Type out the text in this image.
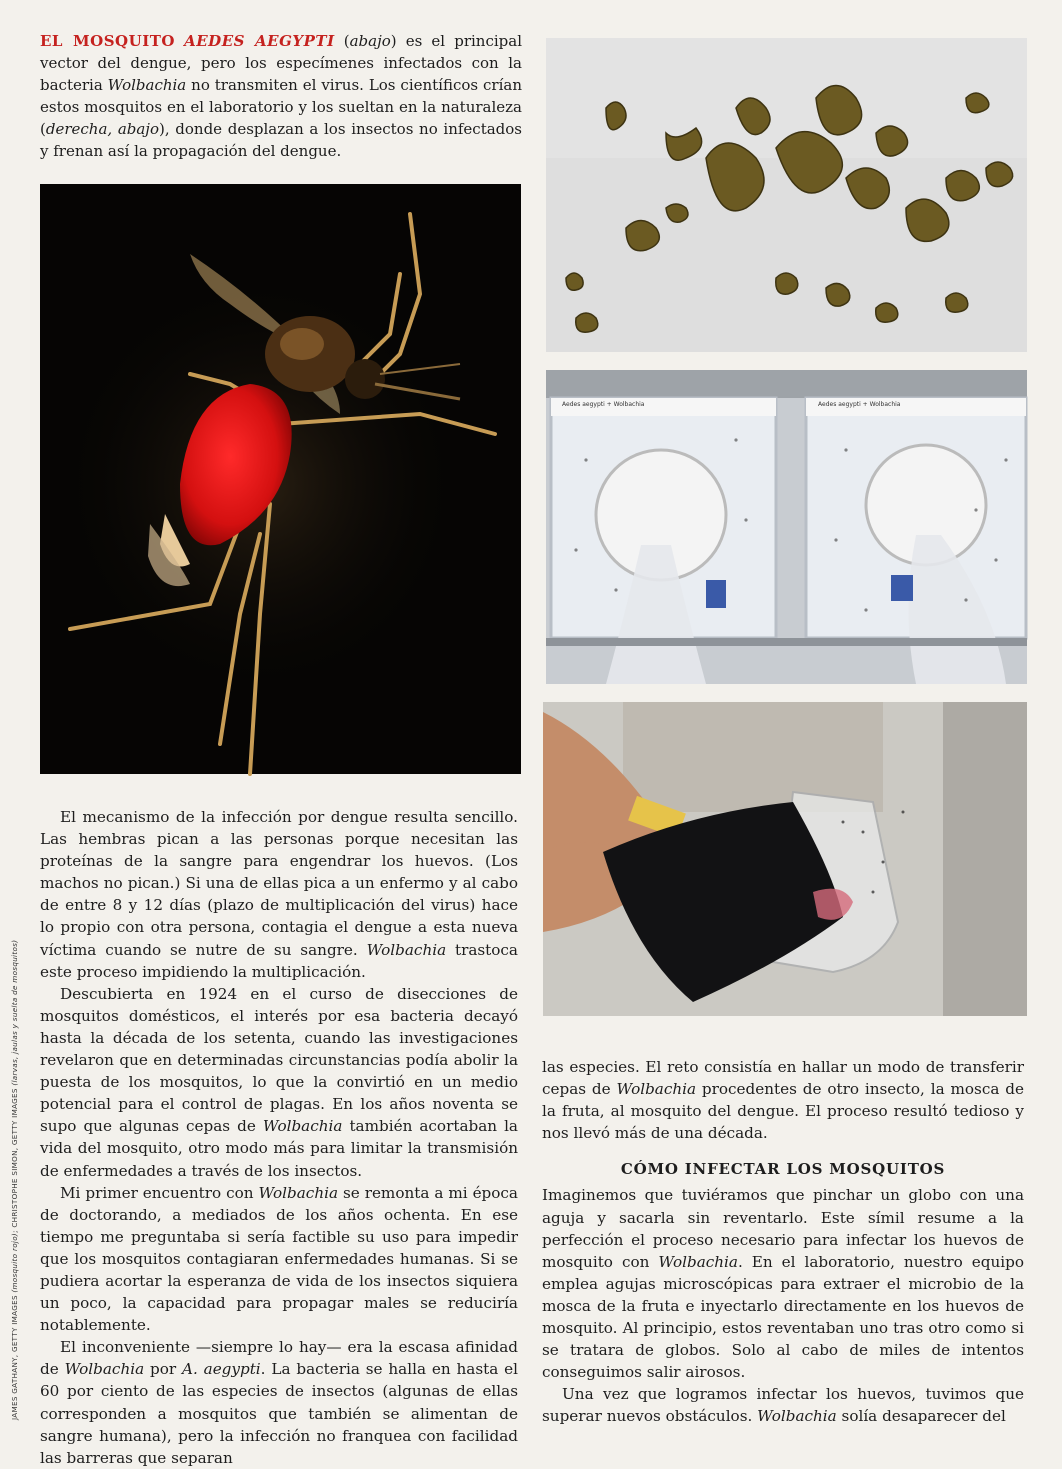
EL MOSQUITO AEDES AEGYPTI (abajo) es el principal vector del dengue, pero los especímenes infectados con la bacteria Wolbachia no transmiten el virus. Los científicos crían estos mosquitos en el laboratorio y los sueltan en la naturaleza (derecha, abajo), donde desplazan a los insectos no infectados y frenan así la propagación del dengue.
Aedes aegypti + Wolbachia	Aedes aegypti + Wolbachia

El mecanismo de la infección por dengue resulta sencillo. Las hembras pican a las personas porque necesitan las proteínas de la sangre para engendrar los huevos. (Los machos no pican.) Si una de ellas pica a un enfermo y al cabo de entre 8 y 12 días (plazo de multiplicación del virus) hace lo propio con otra persona, contagia el dengue a esta nueva víctima cuando se nutre de su sangre. Wolbachia trastoca este proceso impidiendo la multiplicación.

Descubierta en 1924 en el curso de disecciones de mosquitos domésticos, el interés por esa bacteria decayó hasta la década de los setenta, cuando las investigaciones revelaron que en determinadas circunstancias podía abolir la puesta de los mosquitos, lo que la convirtió en un medio potencial para el control de plagas. En los años noventa se supo que algunas cepas de Wolbachia también acortaban la vida del mosquito, otro modo más para limitar la transmisión de enfermedades a través de los insectos.

Mi primer encuentro con Wolbachia se remonta a mi época de doctorando, a mediados de los años ochenta. En ese tiempo me preguntaba si sería factible su uso para impedir que los mosquitos contagiaran enfermedades humanas. Si se pudiera acortar la esperanza de vida de los insectos siquiera un poco, la capacidad para propagar males se reduciría notablemente.

El inconveniente —siempre lo hay— era la escasa afinidad de Wolbachia por A. aegypti. La bacteria se halla en hasta el 60 por ciento de las especies de insectos (algunas de ellas corresponden a mosquitos que también se alimentan de sangre humana), pero la infección no franquea con facilidad las barreras que separan

las especies. El reto consistía en hallar un modo de transferir cepas de Wolbachia procedentes de otro insecto, la mosca de la fruta, al mosquito del dengue. El proceso resultó tedioso y nos llevó más de una década.

CÓMO INFECTAR LOS MOSQUITOS

Imaginemos que tuviéramos que pinchar un globo con una aguja y sacarla sin reventarlo. Este símil resume a la perfección el proceso necesario para infectar los huevos de mosquito con Wolbachia. En el laboratorio, nuestro equipo emplea agujas microscópicas para extraer el microbio de la mosca de la fruta e inyectarlo directamente en los huevos de mosquito. Al principio, estos reventaban uno tras otro como si se tratara de globos. Solo al cabo de miles de intentos conseguimos salir airosos.

Una vez que logramos infectar los huevos, tuvimos que superar nuevos obstáculos. Wolbachia solía desaparecer del

JAMES GATHANY, GETTY IMAGES (mosquito rojo); CHRISTOPHE SIMON, GETTY IMAGES (larvas, jaulas y suelta de mosquitos)
